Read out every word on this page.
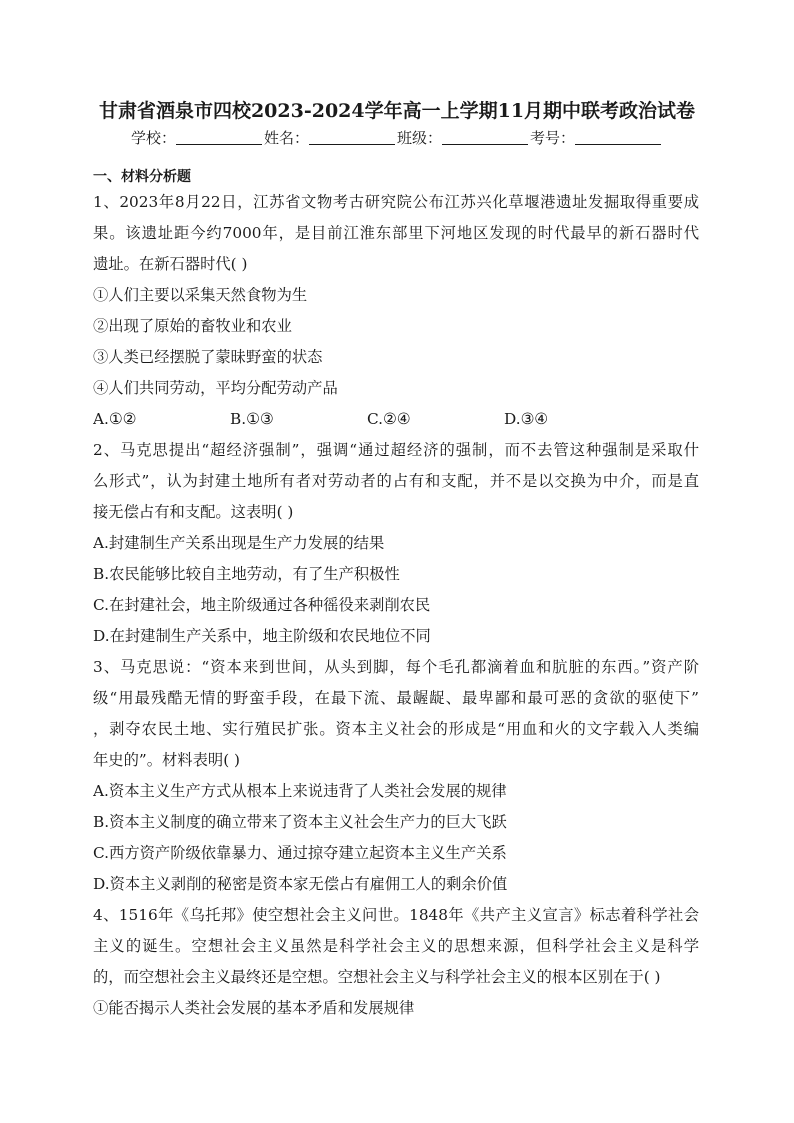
甘肃省酒泉市四校2023-2024学年高一上学期11月期中联考政治试卷
学校：	姓名：	班级：	考号：
一、材料分析题

1、2023年8月22日，江苏省文物考古研究院公布江苏兴化草堰港遗址发掘取得重要成

果。该遗址距今约7000年，是目前江淮东部里下河地区发现的时代最早的新石器时代

遗址。在新石器时代( )

①人们主要以采集天然食物为生

②出现了原始的畜牧业和农业

③人类已经摆脱了蒙昧野蛮的状态

④人们共同劳动，平均分配劳动产品

A.①②	B.①③	C.②④	D.③④

2、马克思提出“超经济强制”，强调“通过超经济的强制，而不去管这种强制是采取什

么形式”，认为封建土地所有者对劳动者的占有和支配，并不是以交换为中介，而是直

接无偿占有和支配。这表明( )

A.封建制生产关系出现是生产力发展的结果

B.农民能够比较自主地劳动，有了生产积极性

C.在封建社会，地主阶级通过各种徭役来剥削农民

D.在封建制生产关系中，地主阶级和农民地位不同

3、马克思说：“资本来到世间，从头到脚，每个毛孔都滴着血和肮脏的东西。”资产阶

级“用最残酷无情的野蛮手段，在最下流、最龌龊、最卑鄙和最可恶的贪欲的驱使下”

，剥夺农民土地、实行殖民扩张。资本主义社会的形成是“用血和火的文字载入人类编

年史的”。材料表明( )

A.资本主义生产方式从根本上来说违背了人类社会发展的规律

B.资本主义制度的确立带来了资本主义社会生产力的巨大飞跃

C.西方资产阶级依靠暴力、通过掠夺建立起资本主义生产关系

D.资本主义剥削的秘密是资本家无偿占有雇佣工人的剩余价值

4、1516年《乌托邦》使空想社会主义问世。1848年《共产主义宣言》标志着科学社会

主义的诞生。空想社会主义虽然是科学社会主义的思想来源，但科学社会主义是科学

的，而空想社会主义最终还是空想。空想社会主义与科学社会主义的根本区别在于( )

①能否揭示人类社会发展的基本矛盾和发展规律
